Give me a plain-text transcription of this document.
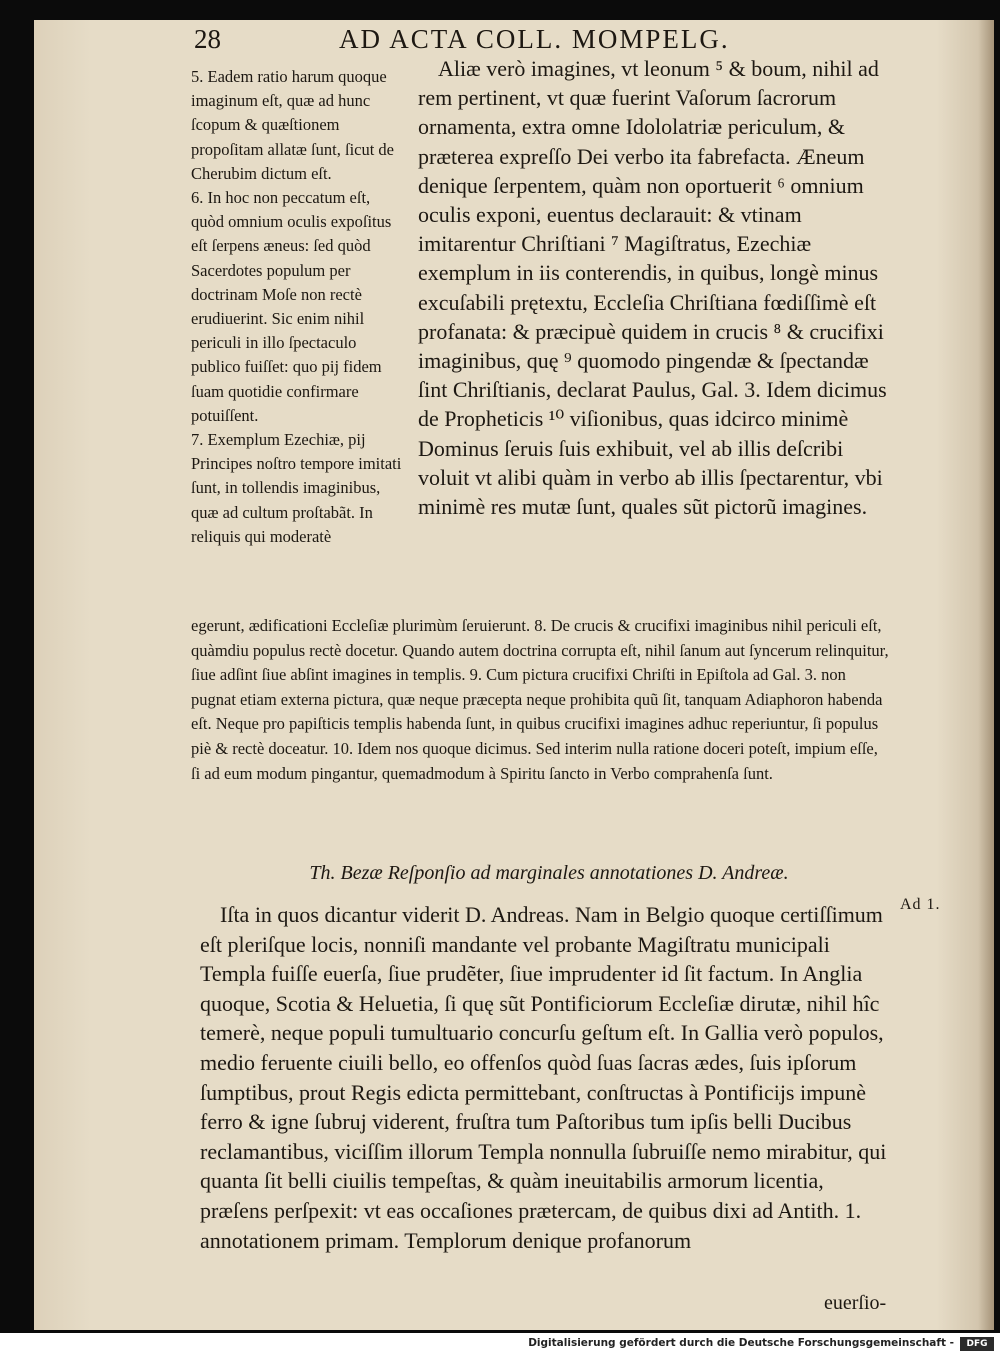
28	AD ACTA COLL. MOMPELG.

5. Eadem ratio harum quoque imaginum eſt, quæ ad hunc ſcopum & quæſtionem propoſitam allatæ ſunt, ſicut de Cherubim dictum eſt.

6. In hoc non peccatum eſt, quòd omnium oculis expoſitus eſt ſerpens æneus: ſed quòd Sacerdotes populum per doctrinam Moſe non rectè erudiuerint. Sic enim nihil periculi in illo ſpectaculo publico fuiſſet: quo pij fidem ſuam quotidie confirmare potuiſſent.

7. Exemplum Ezechiæ, pij Principes noſtro tempore imitati ſunt, in tollendis imaginibus, quæ ad cultum proſtabãt. In reliquis qui moderatè

Aliæ verò imagines, vt leonum ⁵ & boum, nihil ad rem pertinent, vt quæ fuerint Vaſorum ſacrorum ornamenta, extra omne Idololatriæ periculum, & præterea expreſſo Dei verbo ita fabrefacta. Æneum denique ſerpentem, quàm non oportuerit ⁶ omnium oculis exponi, euentus declarauit: & vtinam imitarentur Chriſtiani ⁷ Magiſtratus, Ezechiæ exemplum in iis conterendis, in quibus, longè minus excuſabili prętextu, Eccleſia Chriſtiana fœdiſſimè eſt profanata: & præcipuè quidem in crucis ⁸ & crucifixi imaginibus, quę ⁹ quomodo pingendæ & ſpectandæ ſint Chriſtianis, declarat Paulus, Gal. 3. Idem dicimus de Propheticis ¹⁰ viſionibus, quas idcirco minimè Dominus ſeruis ſuis exhibuit, vel ab illis deſcribi voluit vt alibi quàm in verbo ab illis ſpectarentur, vbi minimè res mutæ ſunt, quales sũt pictorũ imagines.

egerunt, ædificationi Eccleſiæ plurimùm ſeruierunt. 8. De crucis & crucifixi imaginibus nihil periculi eſt, quàmdiu populus rectè docetur. Quando autem doctrina corrupta eſt, nihil ſanum aut ſyncerum relinquitur, ſiue adſint ſiue abſint imagines in templis. 9. Cum pictura crucifixi Chriſti in Epiſtola ad Gal. 3. non pugnat etiam externa pictura, quæ neque præcepta neque prohibita quũ ſit, tanquam Adiaphoron habenda eſt. Neque pro papiſticis templis habenda ſunt, in quibus crucifixi imagines adhuc reperiuntur, ſi populus piè & rectè doceatur. 10. Idem nos quoque dicimus. Sed interim nulla ratione doceri poteſt, impium eſſe, ſi ad eum modum pingantur, quemadmodum à Spiritu ſancto in Verbo comprahenſa ſunt.

Th. Bezæ Reſponſio ad marginales annotationes D. Andreæ.
Ad 1.

Iſta in quos dicantur viderit D. Andreas. Nam in Belgio quoque certiſſimum eſt pleriſque locis, nonniſi mandante vel probante Magiſtratu municipali Templa fuiſſe euerſa, ſiue prudẽter, ſiue imprudenter id ſit factum. In Anglia quoque, Scotia & Heluetia, ſi quę sũt Pontificiorum Eccleſiæ dirutæ, nihil hîc temerè, neque populi tumultuario concurſu geſtum eſt. In Gallia verò populos, medio feruente ciuili bello, eo offenſos quòd ſuas ſacras ædes, ſuis ipſorum ſumptibus, prout Regis edicta permittebant, conſtructas à Pontificijs impunè ferro & igne ſubruj viderent, fruſtra tum Paſtoribus tum ipſis belli Ducibus reclamantibus, viciſſim illorum Templa nonnulla ſubruiſſe nemo mirabitur, qui quanta ſit belli ciuilis tempeſtas, & quàm ineuitabilis armorum licentia, præſens perſpexit: vt eas occaſiones prætercam, de quibus dixi ad Antith. 1. annotationem primam. Templorum denique profanorum

euerſio-
Digitalisierung gefördert durch die Deutsche Forschungsgemeinschaft -	DFG
